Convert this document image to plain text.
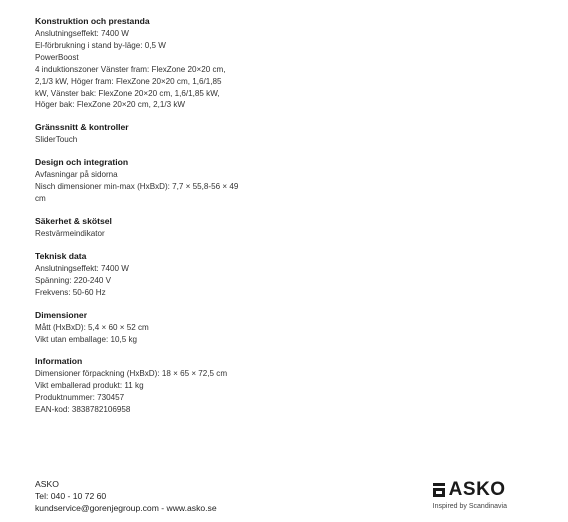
Konstruktion och prestanda
Anslutningseffekt: 7400 W
El-förbrukning i stand by-läge: 0,5 W
PowerBoost
4 induktionszoner Vänster fram: FlexZone 20×20 cm,
2,1/3 kW, Höger fram: FlexZone 20×20 cm, 1,6/1,85
kW, Vänster bak: FlexZone 20×20 cm, 1,6/1,85 kW,
Höger bak: FlexZone 20×20 cm, 2,1/3 kW
Gränssnitt & kontroller
SliderTouch
Design och integration
Avfasningar på sidorna
Nisch dimensioner min-max (HxBxD): 7,7 × 55,8-56 × 49
cm
Säkerhet & skötsel
Restvärmeindikator
Teknisk data
Anslutningseffekt: 7400 W
Spänning: 220-240 V
Frekvens: 50-60 Hz
Dimensioner
Mått (HxBxD): 5,4 × 60 × 52 cm
Vikt utan emballage: 10,5 kg
Information
Dimensioner förpackning (HxBxD): 18 × 65 × 72,5 cm
Vikt emballerad produkt: 11 kg
Produktnummer: 730457
EAN-kod: 3838782106958
ASKO
Tel: 040 - 10 72 60
kundservice@gorenjegroup.com - www.asko.se
ASKO
Inspired by Scandinavia
